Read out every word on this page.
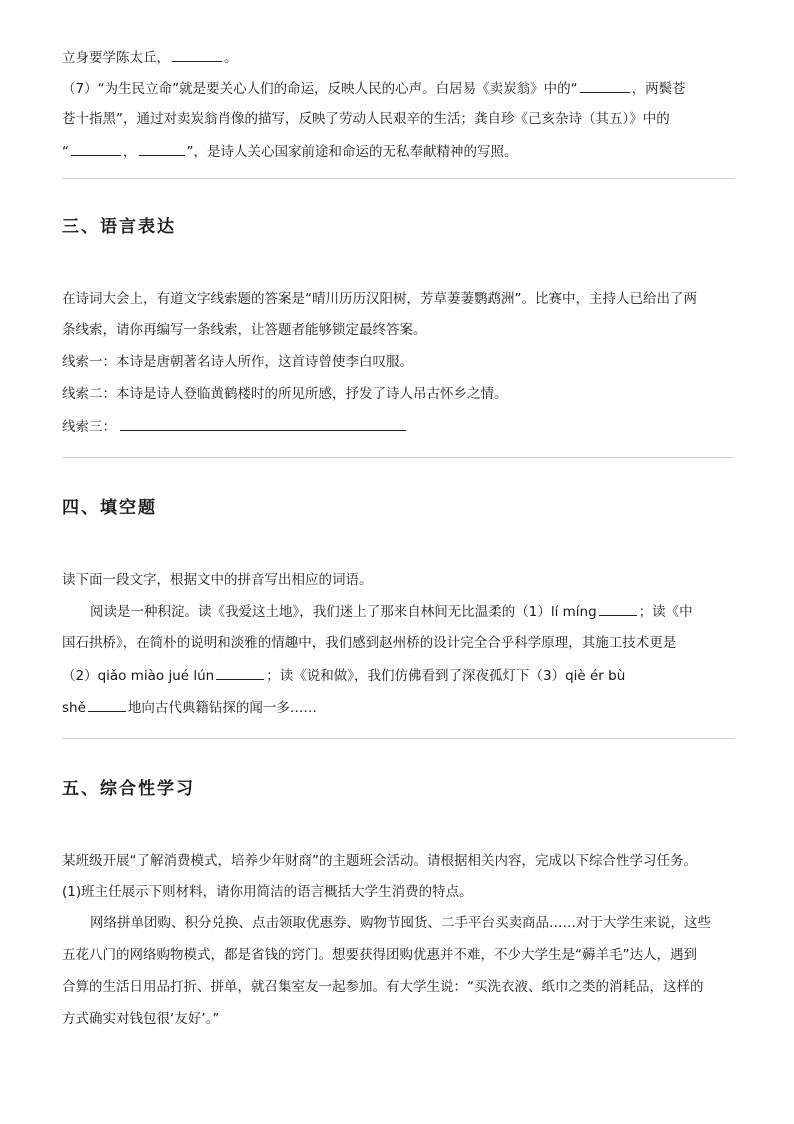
立身要学陈太丘，	。
（7）“为生民立命”就是要关心人们的命运，反映人民的心声。白居易《卖炭翁》中的“	，两鬓苍
苍十指黑”，通过对卖炭翁肖像的描写，反映了劳动人民艰辛的生活；龚自珍《己亥杂诗（其五）》中的
“	，	”，是诗人关心国家前途和命运的无私奉献精神的写照。
三、语言表达
在诗词大会上，有道文字线索题的答案是“晴川历历汉阳树，芳草萋萋鹦鹉洲”。比赛中，主持人已给出了两
条线索，请你再编写一条线索，让答题者能够锁定最终答案。
线索一：本诗是唐朝著名诗人所作，这首诗曾使李白叹服。
线索二：本诗是诗人登临黄鹤楼时的所见所感，抒发了诗人吊古怀乡之情。
线索三：
四、填空题
读下面一段文字，根据文中的拼音写出相应的词语。
阅读是一种积淀。读《我爱这土地》，我们迷上了那来自林间无比温柔的（1）lí míng	；读《中
国石拱桥》，在简朴的说明和淡雅的情趣中，我们感到赵州桥的设计完全合乎科学原理，其施工技术更是
（2）qiǎo miào jué lún	；读《说和做》，我们仿佛看到了深夜孤灯下（3）qiè ér bù
shě	地向古代典籍钻探的闻一多……
五、综合性学习
某班级开展“了解消费模式，培养少年财商”的主题班会活动。请根据相关内容，完成以下综合性学习任务。
(1)班主任展示下则材料，请你用简洁的语言概括大学生消费的特点。
网络拼单团购、积分兑换、点击领取优惠券、购物节囤货、二手平台买卖商品……对于大学生来说，这些
五花八门的网络购物模式，都是省钱的窍门。想要获得团购优惠并不难，不少大学生是“薅羊毛”达人，遇到
合算的生活日用品打折、拼单，就召集室友一起参加。有大学生说：“买洗衣液、纸巾之类的消耗品，这样的
方式确实对钱包很‘友好’。”
